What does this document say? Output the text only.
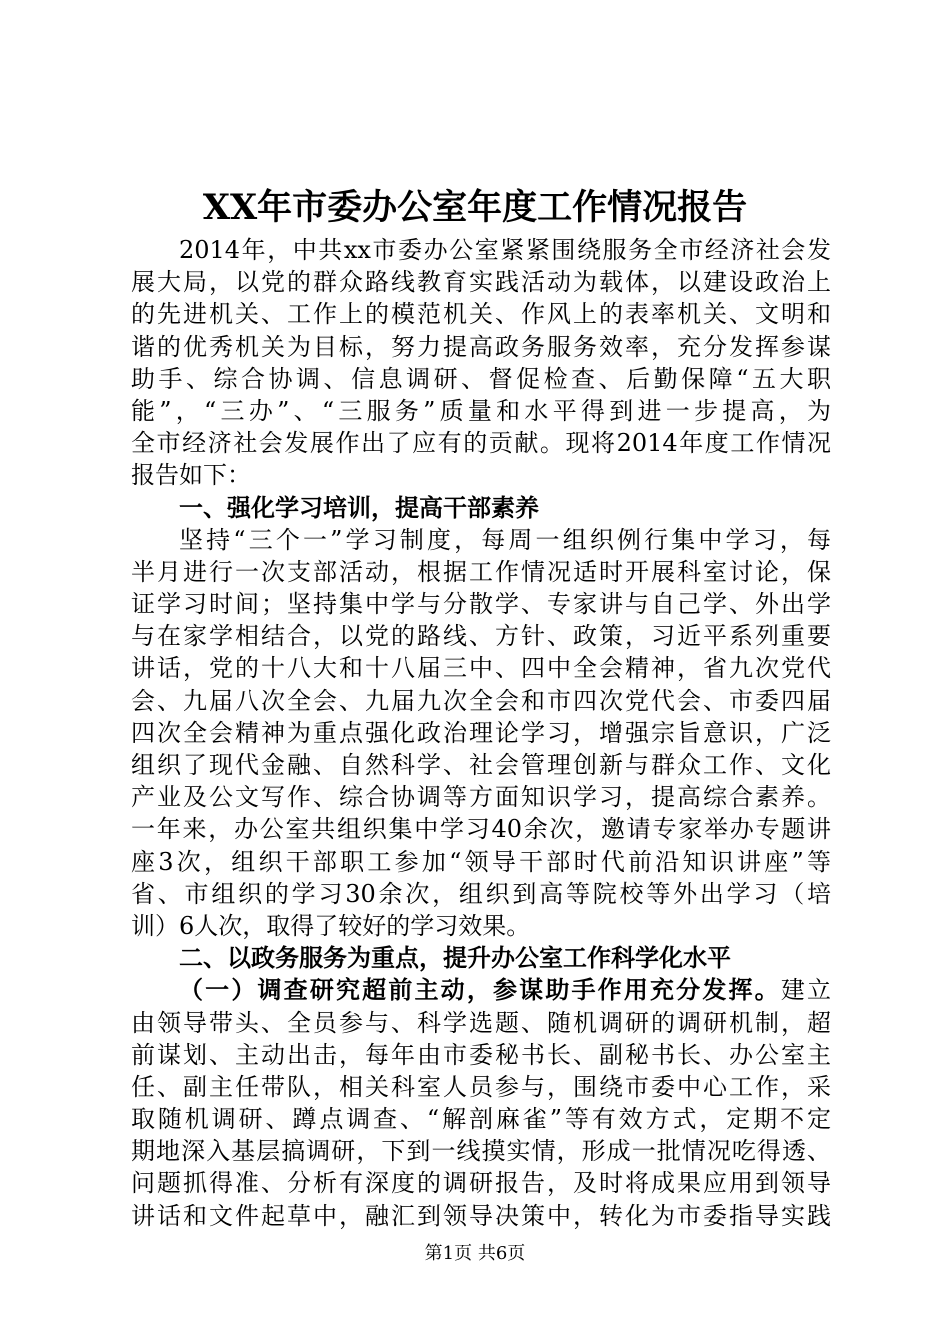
XX年市委办公室年度工作情况报告
2014年，中共xx市委办公室紧紧围绕服务全市经济社会发
展大局，以党的群众路线教育实践活动为载体，以建设政治上
的先进机关、工作上的模范机关、作风上的表率机关、文明和
谐的优秀机关为目标，努力提高政务服务效率，充分发挥参谋
助手、综合协调、信息调研、督促检查、后勤保障“五大职
能”，“三办”、“三服务”质量和水平得到进一步提高，为
全市经济社会发展作出了应有的贡献。现将2014年度工作情况
报告如下：
一、强化学习培训，提高干部素养
坚持“三个一”学习制度，每周一组织例行集中学习，每
半月进行一次支部活动，根据工作情况适时开展科室讨论，保
证学习时间；坚持集中学与分散学、专家讲与自己学、外出学
与在家学相结合，以党的路线、方针、政策，习近平系列重要
讲话，党的十八大和十八届三中、四中全会精神，省九次党代
会、九届八次全会、九届九次全会和市四次党代会、市委四届
四次全会精神为重点强化政治理论学习，增强宗旨意识，广泛
组织了现代金融、自然科学、社会管理创新与群众工作、文化
产业及公文写作、综合协调等方面知识学习，提高综合素养。
一年来，办公室共组织集中学习40余次，邀请专家举办专题讲
座3次，组织干部职工参加“领导干部时代前沿知识讲座”等
省、市组织的学习30余次，组织到高等院校等外出学习（培
训）6人次，取得了较好的学习效果。
二、以政务服务为重点，提升办公室工作科学化水平
（一）调查研究超前主动，参谋助手作用充分发挥。建立
由领导带头、全员参与、科学选题、随机调研的调研机制，超
前谋划、主动出击，每年由市委秘书长、副秘书长、办公室主
任、副主任带队，相关科室人员参与，围绕市委中心工作，采
取随机调研、蹲点调查、“解剖麻雀”等有效方式，定期不定
期地深入基层搞调研，下到一线摸实情，形成一批情况吃得透、
问题抓得准、分析有深度的调研报告，及时将成果应用到领导
讲话和文件起草中，融汇到领导决策中，转化为市委指导实践
第1页 共6页
